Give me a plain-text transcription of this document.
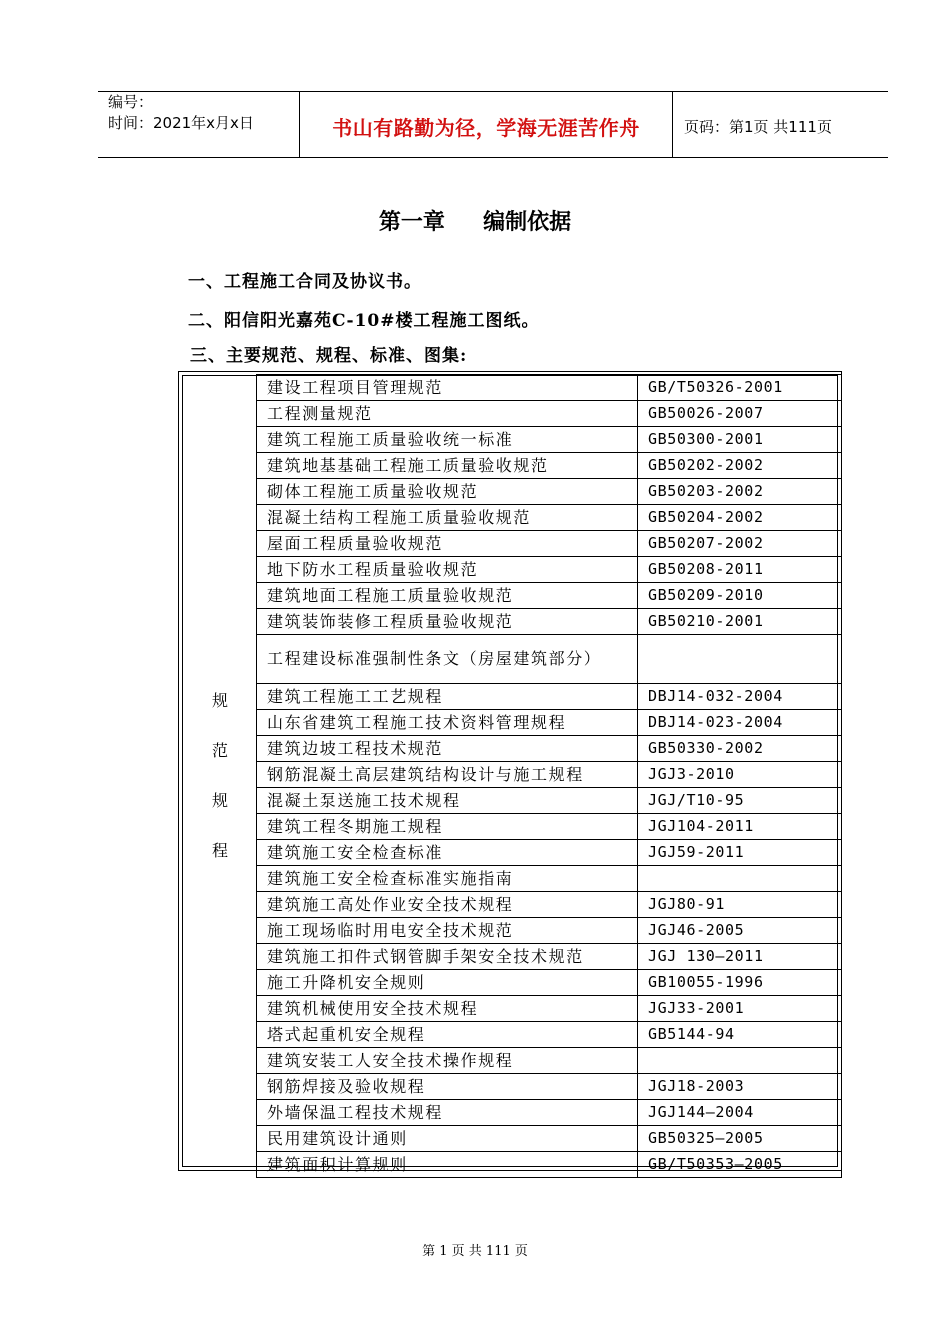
编号：
时间：2021年x月x日	书山有路勤为径，学海无涯苦作舟	页码：第1页 共111页
第一章     编制依据
一、工程施工合同及协议书。
二、阳信阳光嘉苑C-10#楼工程施工图纸。
三、主要规范、规程、标准、图集:
规
范
规
程
建设工程项目管理规范	GB/T50326-2001
工程测量规范	GB50026-2007
建筑工程施工质量验收统一标准	GB50300-2001
建筑地基基础工程施工质量验收规范	GB50202-2002
砌体工程施工质量验收规范	GB50203-2002
混凝土结构工程施工质量验收规范	GB50204-2002
屋面工程质量验收规范	GB50207-2002
地下防水工程质量验收规范	GB50208-2011
建筑地面工程施工质量验收规范	GB50209-2010
建筑装饰装修工程质量验收规范	GB50210-2001
工程建设标准强制性条文（房屋建筑部分）	
建筑工程施工工艺规程	DBJ14-032-2004
山东省建筑工程施工技术资料管理规程	DBJ14-023-2004
建筑边坡工程技术规范	GB50330-2002
钢筋混凝土高层建筑结构设计与施工规程	JGJ3-2010
混凝土泵送施工技术规程	JGJ/T10-95
建筑工程冬期施工规程	JGJ104-2011
建筑施工安全检查标准	JGJ59-2011
建筑施工安全检查标准实施指南	
建筑施工高处作业安全技术规程	JGJ80-91
施工现场临时用电安全技术规范	JGJ46-2005
建筑施工扣件式钢管脚手架安全技术规范	JGJ 130—2011
施工升降机安全规则	GB10055-1996
建筑机械使用安全技术规程	JGJ33-2001
塔式起重机安全规程	GB5144-94
建筑安装工人安全技术操作规程	
钢筋焊接及验收规程	JGJ18-2003
外墙保温工程技术规程	JGJ144—2004
民用建筑设计通则	GB50325—2005
建筑面积计算规则	GB/T50353—2005
第 1 页 共 111 页
